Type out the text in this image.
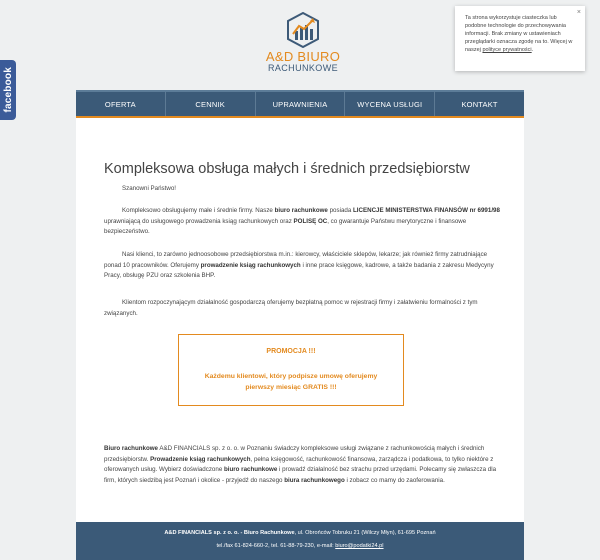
facebook
A&D BIURO
RACHUNKOWE
×
Ta strona wykorzystuje ciasteczka lub podobne technologie do przechowywania informacji. Brak zmiany w ustawieniach przeglądarki oznacza zgodę na to. Więcej w naszej polityce prywatności.
OFERTA	CENNIK	UPRAWNIENIA	WYCENA USŁUGI	KONTAKT
Kompleksowa obsługa małych i średnich przedsiębiorstw
Szanowni Państwo!
Kompleksowo obsługujemy małe i średnie firmy. Nasze biuro rachunkowe posiada LICENCJE MINISTERSTWA FINANSÓW nr 6991/98 uprawniającą do usługowego prowadzenia ksiąg rachunkowych oraz POLISĘ OC, co gwarantuje Państwu merytoryczne i finansowe bezpieczeństwo.
Nasi klienci, to zarówno jednoosobowe przedsiębiorstwa m.in.: kierowcy, właściciele sklepów, lekarze; jak również firmy zatrudniające ponad 10 pracowników. Oferujemy prowadzenie ksiąg rachunkowych i inne prace księgowe, kadrowe, a także badania z zakresu Medycyny Pracy, obsługę PZU oraz szkolenia BHP.
Klientom rozpoczynającym działalność gospodarczą oferujemy bezpłatną pomoc w rejestracji firmy i załatwieniu formalności z tym związanych.
PROMOCJA !!!
Każdemu klientowi, który podpisze umowę oferujemy
pierwszy miesiąc GRATIS !!!
Biuro rachunkowe A&D FINANCIALS sp. z o. o. w Poznaniu świadczy kompleksowe usługi związane z rachunkowością małych i średnich przedsiębiorstw. Prowadzenie ksiąg rachunkowych, pełna księgowość, rachunkowość finansowa, zarządcza i podatkowa, to tylko niektóre z oferowanych usług. Wybierz doświadczone biuro rachunkowe i prowadź działalność bez strachu przed urzędami. Polecamy się zwłaszcza dla firm, których siedzibą jest Poznań i okolice - przyjedź do naszego biura rachunkowego i zobacz co mamy do zaoferowania.
A&D FINANCIALS sp. z o. o. - Biuro Rachunkowe, ul. Obrońców Tobruku 21 (Wilczy Młyn), 61-695 Poznań
tel./fax 61-824-660-2, tel. 61-88-79-230, e-mail: biuro@podatki24.pl
